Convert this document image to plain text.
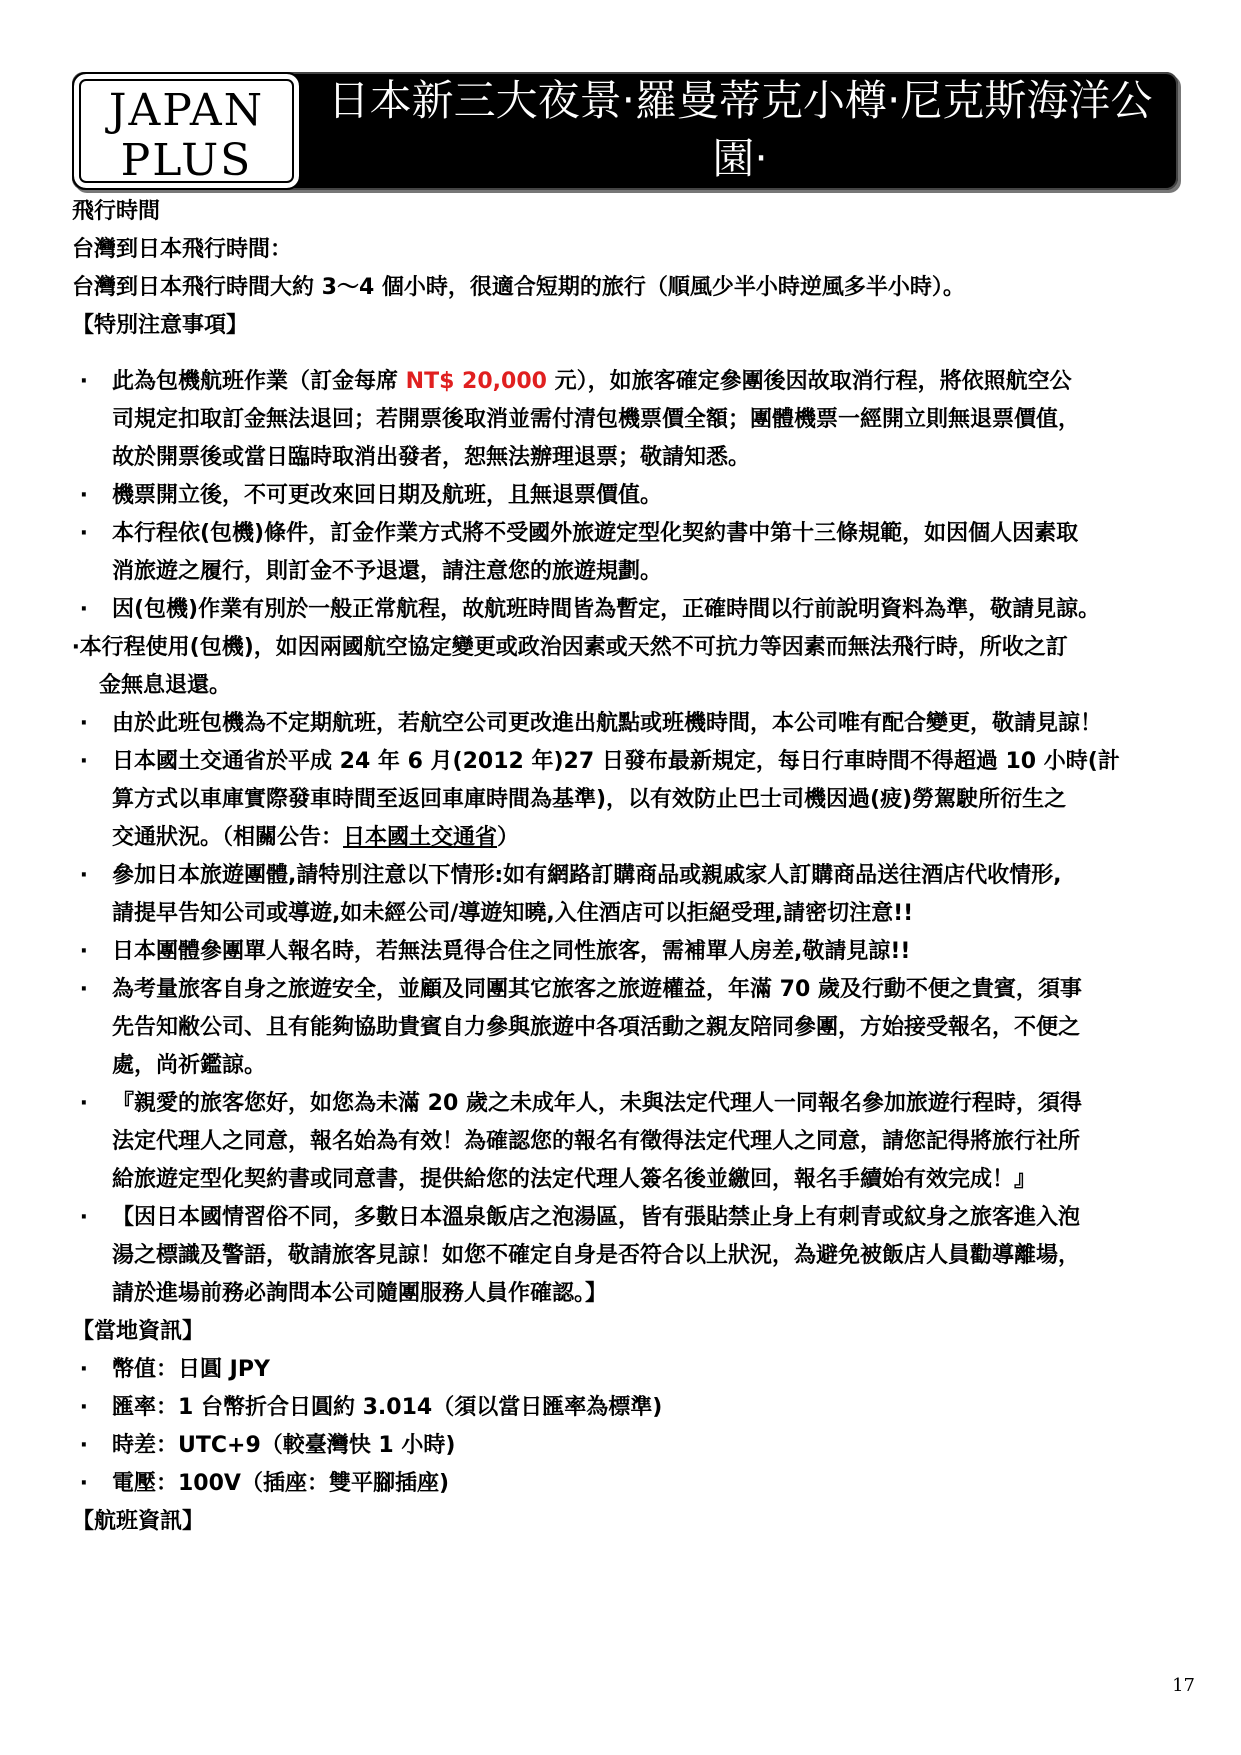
日本新三大夜景‧羅曼蒂克小樽‧尼克斯海洋公園‧
北海道溫泉五日
JAPAN
PLUS
飛行時間
台灣到日本飛行時間：
台灣到日本飛行時間大約 3～4 個小時，很適合短期的旅行（順風少半小時逆風多半小時）。
【特別注意事項】
‧ 此為包機航班作業（訂金每席 NT$ 20,000 元），如旅客確定參團後因故取消行程，將依照航空公
司規定扣取訂金無法退回；若開票後取消並需付清包機票價全額；團體機票一經開立則無退票價值，
故於開票後或當日臨時取消出發者，恕無法辦理退票；敬請知悉。
‧ 機票開立後，不可更改來回日期及航班，且無退票價值。
‧ 本行程依(包機)條件，訂金作業方式將不受國外旅遊定型化契約書中第十三條規範，如因個人因素取
消旅遊之履行，則訂金不予退還，請注意您的旅遊規劃。
‧ 因(包機)作業有別於一般正常航程，故航班時間皆為暫定，正確時間以行前說明資料為準，敬請見諒。
‧本行程使用(包機)，如因兩國航空協定變更或政治因素或天然不可抗力等因素而無法飛行時，所收之訂
金無息退還。
‧ 由於此班包機為不定期航班，若航空公司更改進出航點或班機時間，本公司唯有配合變更，敬請見諒！
‧ 日本國土交通省於平成 24 年 6 月(2012 年)27 日發布最新規定，每日行車時間不得超過 10 小時(計
算方式以車庫實際發車時間至返回車庫時間為基準)，以有效防止巴士司機因過(疲)勞駕駛所衍生之
交通狀況。（相關公告：日本國土交通省）
‧ 參加日本旅遊團體,請特別注意以下情形:如有網路訂購商品或親戚家人訂購商品送往酒店代收情形,
請提早告知公司或導遊,如未經公司/導遊知曉,入住酒店可以拒絕受理,請密切注意!!
‧ 日本團體參團單人報名時，若無法覓得合住之同性旅客，需補單人房差,敬請見諒!!
‧ 為考量旅客自身之旅遊安全，並顧及同團其它旅客之旅遊權益，年滿 70 歲及行動不便之貴賓，須事
先告知敝公司、且有能夠協助貴賓自力參與旅遊中各項活動之親友陪同參團，方始接受報名，不便之
處，尚祈鑑諒。
‧ 『親愛的旅客您好，如您為未滿 20 歲之未成年人，未與法定代理人一同報名參加旅遊行程時，須得
法定代理人之同意，報名始為有效！為確認您的報名有徵得法定代理人之同意，請您記得將旅行社所
給旅遊定型化契約書或同意書，提供給您的法定代理人簽名後並繳回，報名手續始有效完成！』
‧ 【因日本國情習俗不同，多數日本溫泉飯店之泡湯區，皆有張貼禁止身上有刺青或紋身之旅客進入泡
湯之標識及警語，敬請旅客見諒！如您不確定自身是否符合以上狀況，為避免被飯店人員勸導離場，
請於進場前務必詢問本公司隨團服務人員作確認。】
【當地資訊】
‧ 幣值：日圓 JPY
‧ 匯率：1 台幣折合日圓約 3.014（須以當日匯率為標準)
‧ 時差：UTC+9（較臺灣快 1 小時)
‧ 電壓：100V（插座：雙平腳插座)
【航班資訊】
17
